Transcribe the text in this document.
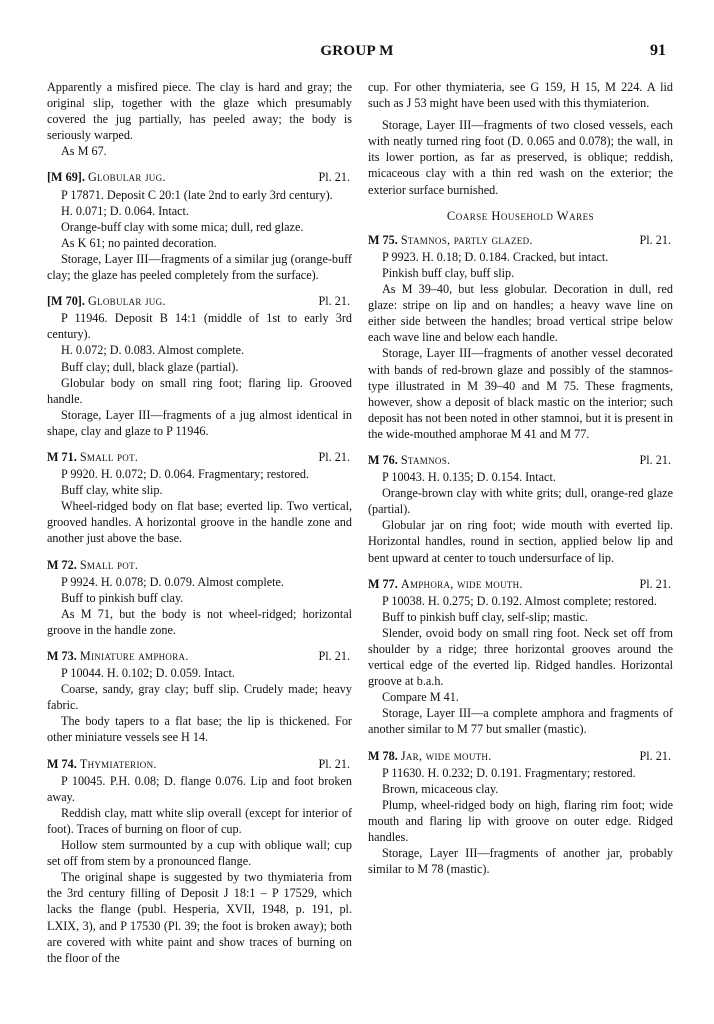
GROUP M	91

Apparently a misfired piece. The clay is hard and gray; the original slip, together with the glaze which presumably covered the jug partially, has peeled away; the body is seriously warped.

As M 67.

[M 69]. Globular jug.	Pl. 21.

P 17871. Deposit C 20:1 (late 2nd to early 3rd century).

H. 0.071; D. 0.064. Intact.

Orange-buff clay with some mica; dull, red glaze.

As K 61; no painted decoration.

Storage, Layer III—fragments of a similar jug (orange-buff clay; the glaze has peeled completely from the surface).

[M 70]. Globular jug.	Pl. 21.

P 11946. Deposit B 14:1 (middle of 1st to early 3rd century).

H. 0.072; D. 0.083. Almost complete.

Buff clay; dull, black glaze (partial).

Globular body on small ring foot; flaring lip. Grooved handle.

Storage, Layer III—fragments of a jug almost identical in shape, clay and glaze to P 11946.

M 71. Small pot.	Pl. 21.

P 9920. H. 0.072; D. 0.064. Fragmentary; restored.

Buff clay, white slip.

Wheel-ridged body on flat base; everted lip. Two vertical, grooved handles. A horizontal groove in the handle zone and another just above the base.

M 72. Small pot.

P 9924. H. 0.078; D. 0.079. Almost complete.

Buff to pinkish buff clay.

As M 71, but the body is not wheel-ridged; horizontal groove in the handle zone.

M 73. Miniature amphora.	Pl. 21.

P 10044. H. 0.102; D. 0.059. Intact.

Coarse, sandy, gray clay; buff slip. Crudely made; heavy fabric.

The body tapers to a flat base; the lip is thickened. For other miniature vessels see H 14.

M 74. Thymiaterion.	Pl. 21.

P 10045. P.H. 0.08; D. flange 0.076. Lip and foot broken away.

Reddish clay, matt white slip overall (except for interior of foot). Traces of burning on floor of cup.

Hollow stem surmounted by a cup with oblique wall; cup set off from stem by a pronounced flange.

The original shape is suggested by two thymiateria from the 3rd century filling of Deposit J 18:1 – P 17529, which lacks the flange (publ. Hesperia, XVII, 1948, p. 191, pl. LXIX, 3), and P 17530 (Pl. 39; the foot is broken away); both are covered with white paint and show traces of burning on the floor of the

cup. For other thymiateria, see G 159, H 15, M 224. A lid such as J 53 might have been used with this thymiaterion.

Storage, Layer III—fragments of two closed vessels, each with neatly turned ring foot (D. 0.065 and 0.078); the wall, in its lower portion, as far as preserved, is oblique; reddish, micaceous clay with a thin red wash on the exterior; the exterior surface burnished.

Coarse Household Wares
M 75. Stamnos, partly glazed.	Pl. 21.

P 9923. H. 0.18; D. 0.184. Cracked, but intact.

Pinkish buff clay, buff slip.

As M 39–40, but less globular. Decoration in dull, red glaze: stripe on lip and on handles; a heavy wave line on either side between the handles; broad vertical stripe below each wave line and below each handle.

Storage, Layer III—fragments of another vessel decorated with bands of red-brown glaze and possibly of the stamnos-type illustrated in M 39–40 and M 75. These fragments, however, show a deposit of black mastic on the interior; such deposit has not been noted in other stamnoi, but it is present in the wide-mouthed amphorae M 41 and M 77.

M 76. Stamnos.	Pl. 21.

P 10043. H. 0.135; D. 0.154. Intact.

Orange-brown clay with white grits; dull, orange-red glaze (partial).

Globular jar on ring foot; wide mouth with everted lip. Horizontal handles, round in section, applied below lip and bent upward at center to touch undersurface of lip.

M 77. Amphora, wide mouth.	Pl. 21.

P 10038. H. 0.275; D. 0.192. Almost complete; restored.

Buff to pinkish buff clay, self-slip; mastic.

Slender, ovoid body on small ring foot. Neck set off from shoulder by a ridge; three horizontal grooves around the vertical edge of the everted lip. Ridged handles. Horizontal groove at b.a.h.

Compare M 41.

Storage, Layer III—a complete amphora and fragments of another similar to M 77 but smaller (mastic).

M 78. Jar, wide mouth.	Pl. 21.

P 11630. H. 0.232; D. 0.191. Fragmentary; restored.

Brown, micaceous clay.

Plump, wheel-ridged body on high, flaring rim foot; wide mouth and flaring lip with groove on outer edge. Ridged handles.

Storage, Layer III—fragments of another jar, probably similar to M 78 (mastic).
